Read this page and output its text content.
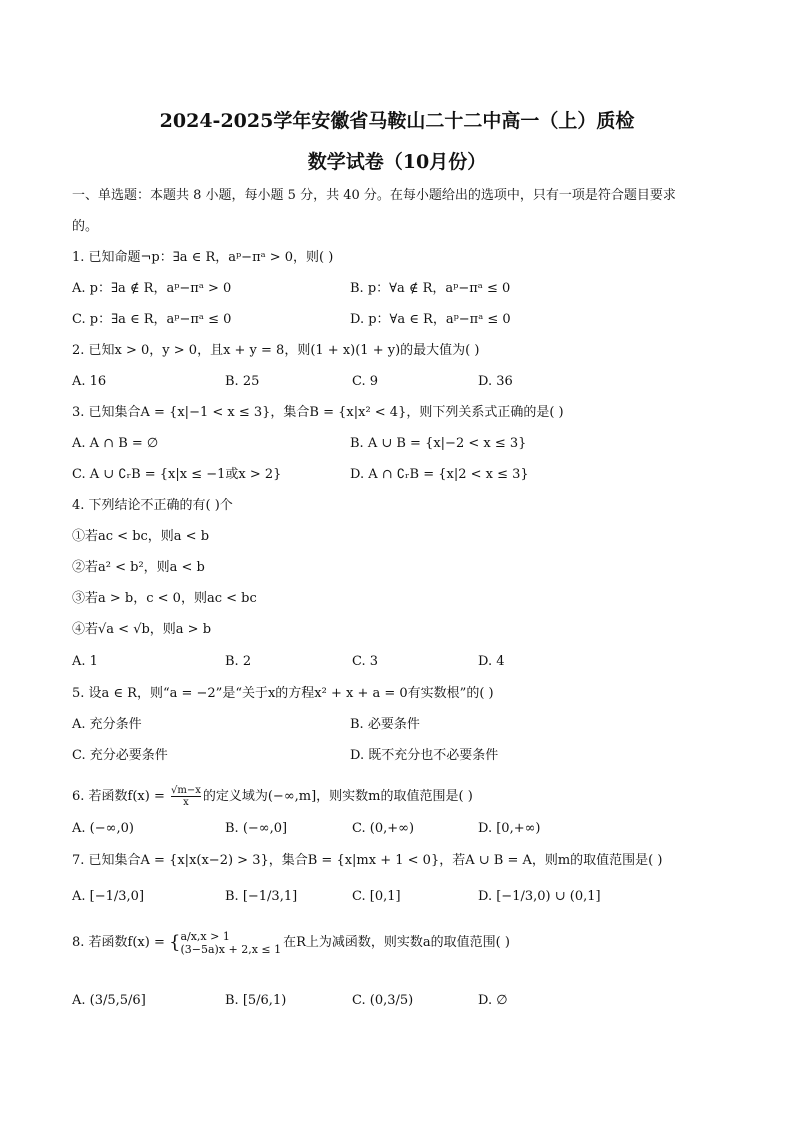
2024-2025学年安徽省马鞍山二十二中高一（上）质检
数学试卷（10月份）
一、单选题：本题共 8 小题，每小题 5 分，共 40 分。在每小题给出的选项中，只有一项是符合题目要求
的。
1. 已知命题¬p：∃a ∈ R，aᵖ−πᵃ > 0，则( )
A. p：∃a ∉ R，aᵖ−πᵃ > 0	B. p：∀a ∉ R，aᵖ−πᵃ ≤ 0
C. p：∃a ∈ R，aᵖ−πᵃ ≤ 0	D. p：∀a ∈ R，aᵖ−πᵃ ≤ 0
2. 已知x > 0，y > 0，且x + y = 8，则(1 + x)(1 + y)的最大值为( )
A. 16	B. 25	C. 9	D. 36
3. 已知集合A = {x|−1 < x ≤ 3}，集合B = {x|x² < 4}，则下列关系式正确的是( )
A. A ∩ B = ∅	B. A ∪ B = {x|−2 < x ≤ 3}
C. A ∪ ∁ᵣB = {x|x ≤ −1或x > 2}	D. A ∩ ∁ᵣB = {x|2 < x ≤ 3}
4. 下列结论不正确的有( )个
①若ac < bc，则a < b
②若a² < b²，则a < b
③若a > b，c < 0，则ac < bc
④若√a < √b，则a > b
A. 1	B. 2	C. 3	D. 4
5. 设a ∈ R，则“a = −2”是“关于x的方程x² + x + a = 0有实数根”的( )
A. 充分条件	B. 必要条件
C. 充分必要条件	D. 既不充分也不必要条件
6. 若函数$f(x) = \frac{√m-x}{x}$ 的定义域为(−∞,m]，则实数m的取值范围是( )
A. (−∞,0)	B. (−∞,0]	C. (0,+∞)	D. [0,+∞)
7. 已知集合A = {x|x(x−2) > 3}，集合B = {x|mx + 1 < 0}，若A ∪ B = A，则m的取值范围是( )
A. [−1/3,0]	B. [−1/3,1]	C. [0,1]	D. [−1/3,0) ∪ (0,1]
8. 若函数f(x) = { a/x,x > 1
(3−5a)x + 2,x ≤ 1 在R上为减函数，则实数a的取值范围( )
A. (3/5,5/6]	B. [5/6,1)	C. (0,3/5)	D. ∅
